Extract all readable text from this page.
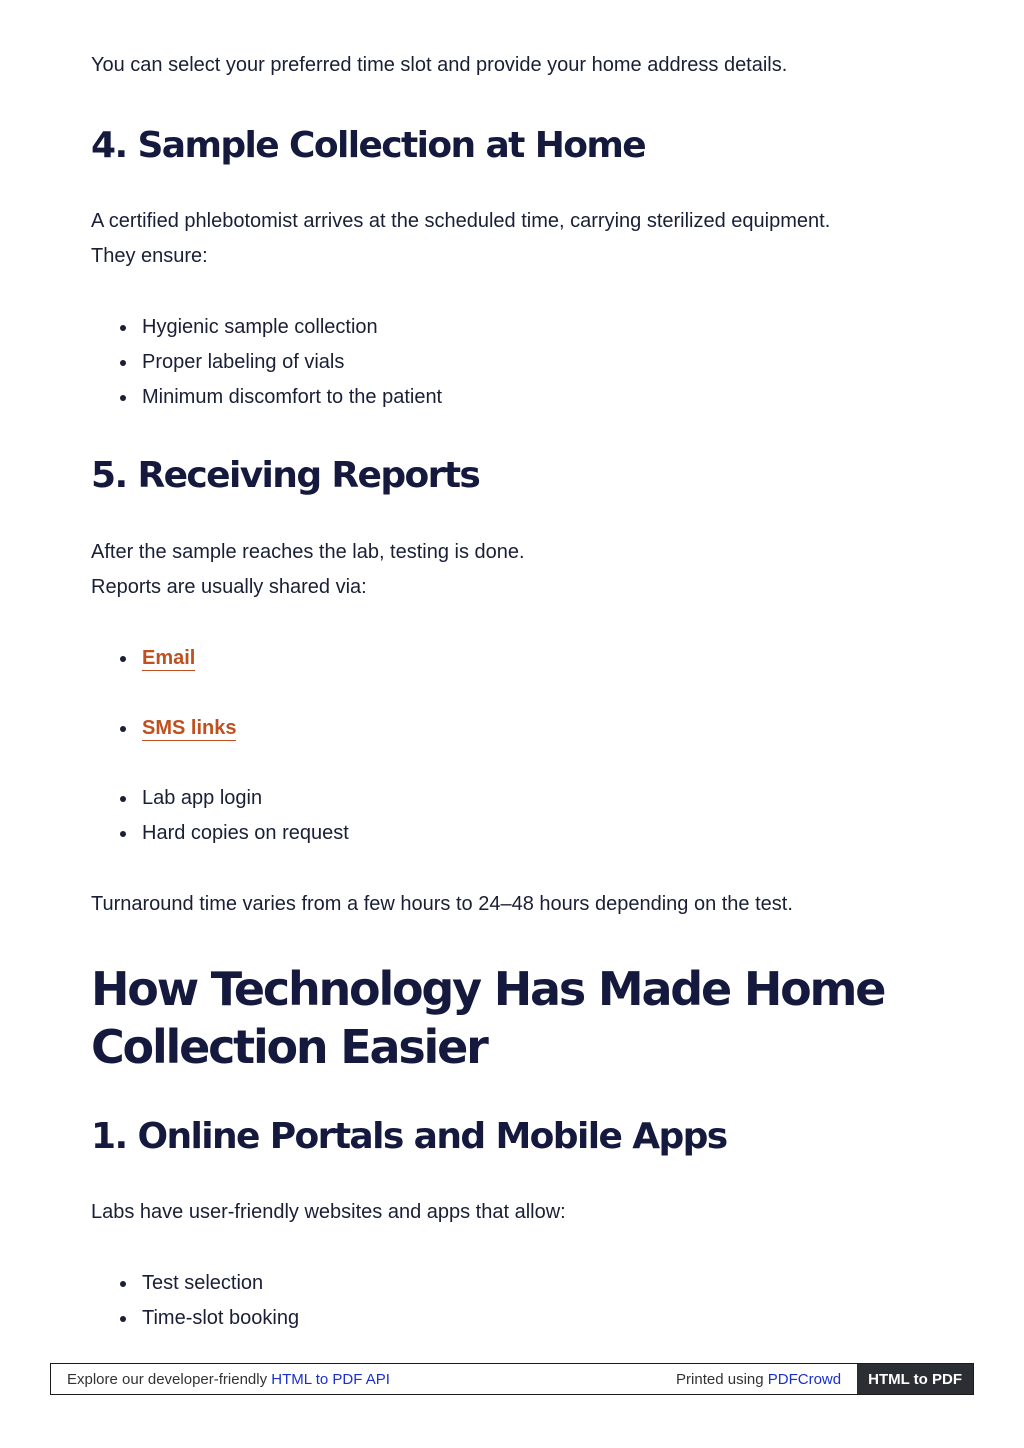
You can select your preferred time slot and provide your home address details.

4. Sample Collection at Home

A certified phlebotomist arrives at the scheduled time, carrying sterilized equipment.

They ensure:

Hygienic sample collection
Proper labeling of vials
Minimum discomfort to the patient
5. Receiving Reports

After the sample reaches the lab, testing is done.

Reports are usually shared via:

Email
SMS links
Lab app login
Hard copies on request

Turnaround time varies from a few hours to 24–48 hours depending on the test.

How Technology Has Made Home
Collection Easier
1. Online Portals and Mobile Apps

Labs have user-friendly websites and apps that allow:

Test selection
Time-slot booking
Explore our developer-friendly HTML to PDF API	Printed using PDFCrowd	HTML to PDF
